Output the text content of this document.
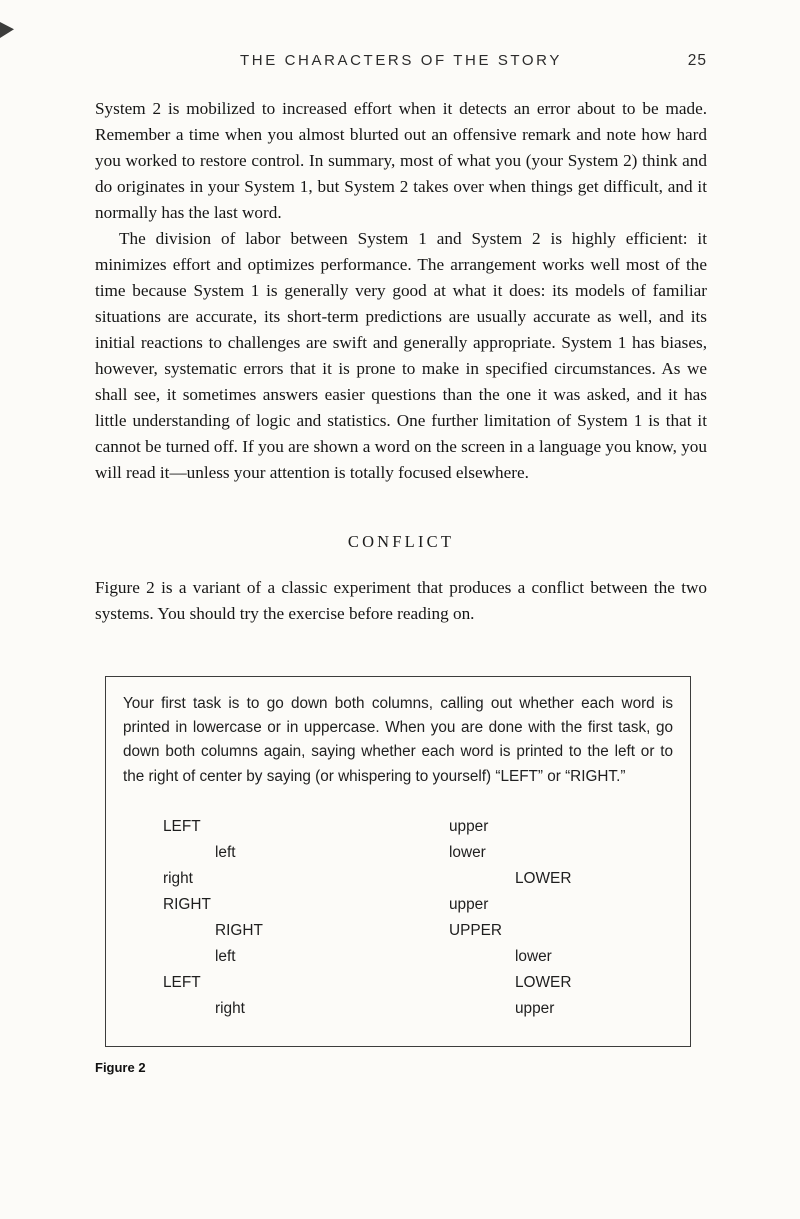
THE CHARACTERS OF THE STORY	25

System 2 is mobilized to increased effort when it detects an error about to be made. Remember a time when you almost blurted out an offensive remark and note how hard you worked to restore control. In summary, most of what you (your System 2) think and do originates in your System 1, but System 2 takes over when things get difficult, and it normally has the last word.

The division of labor between System 1 and System 2 is highly efficient: it minimizes effort and optimizes performance. The arrangement works well most of the time because System 1 is generally very good at what it does: its models of familiar situations are accurate, its short-term predictions are usually accurate as well, and its initial reactions to challenges are swift and generally appropriate. System 1 has biases, however, systematic errors that it is prone to make in specified circumstances. As we shall see, it sometimes answers easier questions than the one it was asked, and it has little understanding of logic and statistics. One further limitation of System 1 is that it cannot be turned off. If you are shown a word on the screen in a language you know, you will read it—unless your attention is totally focused elsewhere.

CONFLICT

Figure 2 is a variant of a classic experiment that produces a conflict between the two systems. You should try the exercise before reading on.

Your first task is to go down both columns, calling out whether each word is printed in lowercase or in uppercase. When you are done with the first task, go down both columns again, saying whether each word is printed to the left or to the right of center by saying (or whispering to yourself) “LEFT” or “RIGHT.”

LEFT	upper
left	lower
right	LOWER
RIGHT	upper
RIGHT	UPPER
left	lower
LEFT	LOWER
right	upper
Figure 2
